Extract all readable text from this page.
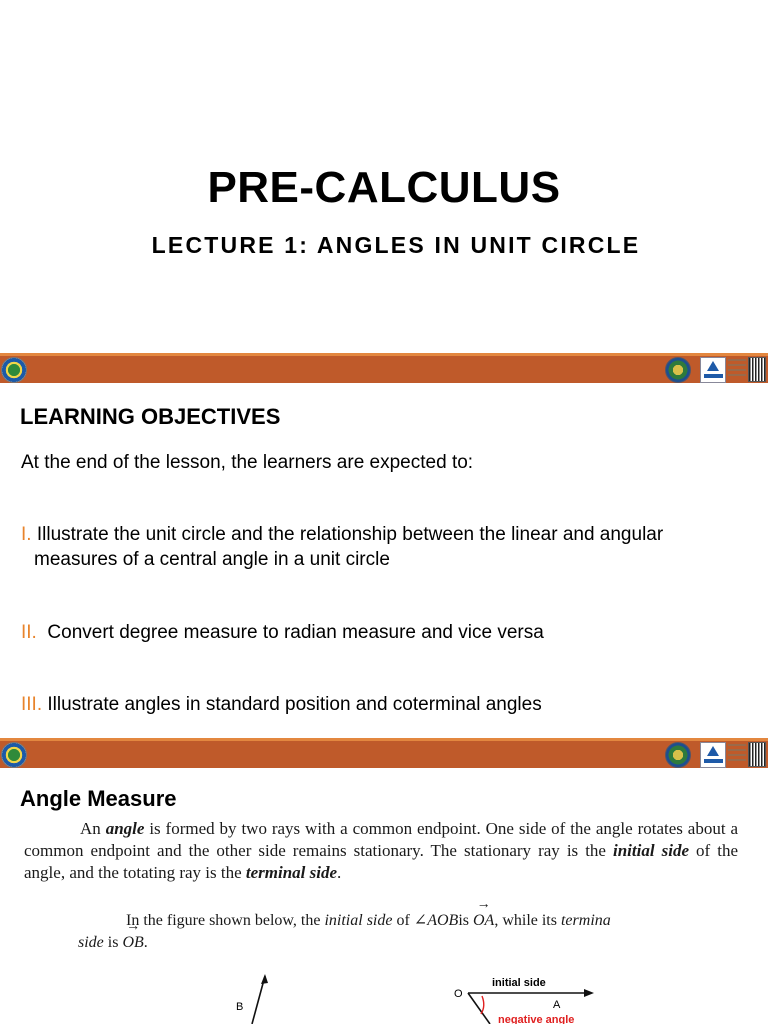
PRE-CALCULUS
LECTURE 1: ANGLES IN UNIT CIRCLE
LEARNING OBJECTIVES
At the end of the lesson, the learners are expected to:
I. Illustrate the unit circle and the relationship between the linear and angular
measures of a central angle in a unit circle
II.  Convert degree measure to radian measure and vice versa
III. Illustrate angles in standard position and coterminal angles
Angle Measure
An angle is formed by two rays with a common endpoint. One side of the angle rotates about a common endpoint and the other side remains stationary. The stationary ray is the initial side of the angle, and the totating ray is the terminal side.
In the figure shown below, the initial side of ∠AOBis → OA, while its termina
side is → OB.
B
initial side
O
A
negative angle
